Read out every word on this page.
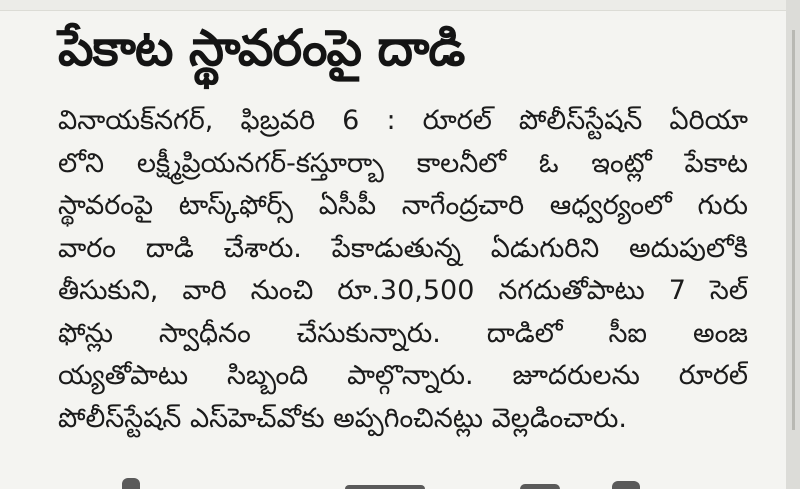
పేకాట స్థావరంపై దాడి
వినాయక్‌నగర్, ఫిబ్రవరి 6 : రూరల్ పోలీస్‌స్టేషన్ ఏరియా
లోని లక్ష్మీప్రియనగర్-కస్తూర్బా కాలనీలో ఓ ఇంట్లో పేకాట
స్థావరంపై టాస్క్‌ఫోర్స్ ఏసీపీ నాగేంద్రచారి ఆధ్వర్యంలో గురు
వారం దాడి చేశారు. పేకాడుతున్న ఏడుగురిని అదుపులోకి
తీసుకుని, వారి నుంచి రూ.30,500 నగదుతోపాటు 7 సెల్
ఫోన్లు స్వాధీనం చేసుకున్నారు. దాడిలో సీఐ అంజ
య్యతోపాటు సిబ్బంది పాల్గొన్నారు. జూదరులను రూరల్
పోలీస్‌స్టేషన్ ఎస్‌హెచ్‌వోకు అప్పగించినట్లు వెల్లడించారు.
